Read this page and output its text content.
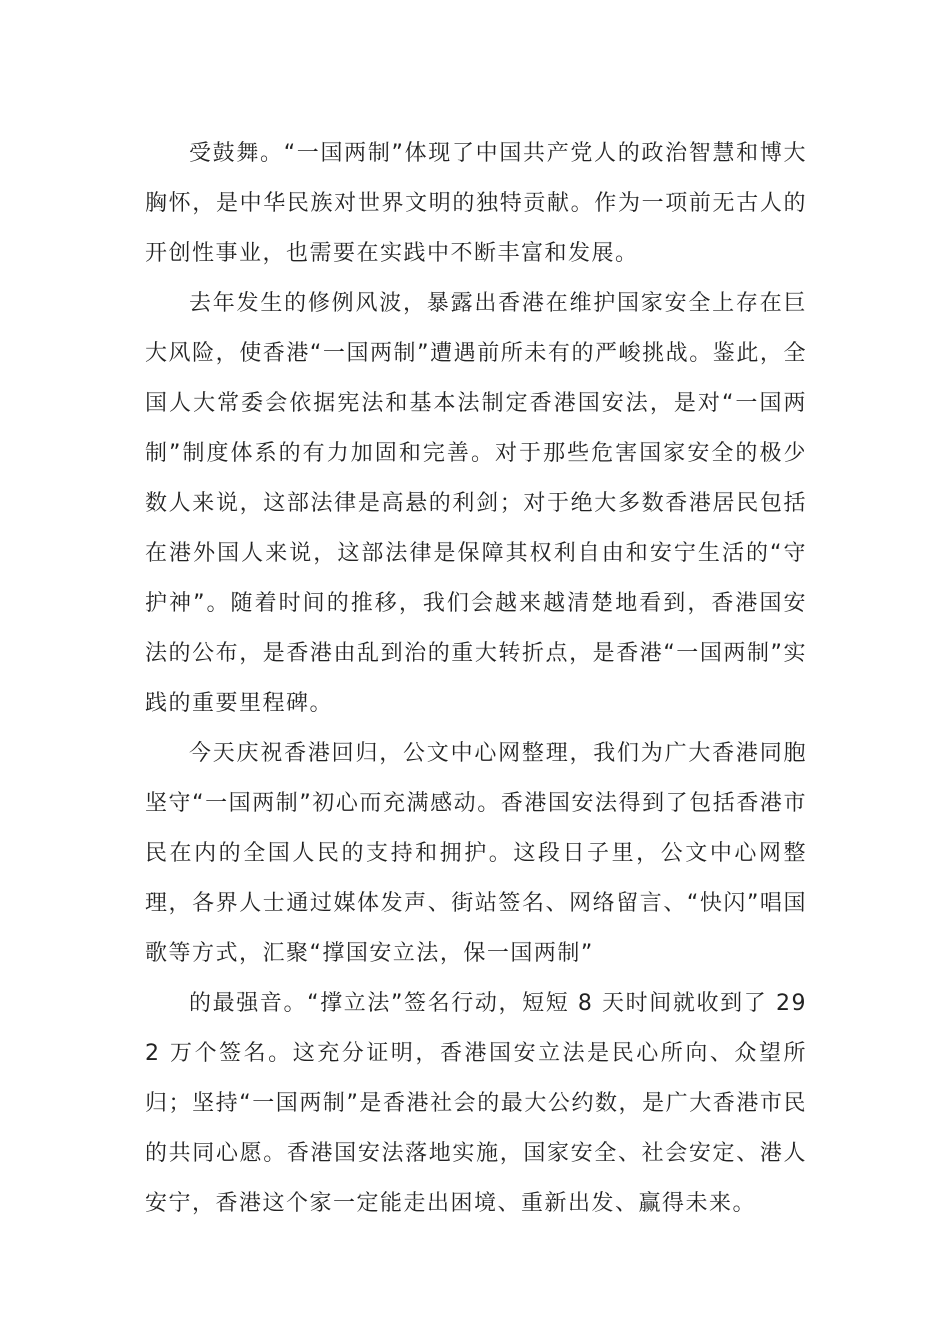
受鼓舞。“一国两制”体现了中国共产党人的政治智慧和博大胸怀，是中华民族对世界文明的独特贡献。作为一项前无古人的开创性事业，也需要在实践中不断丰富和发展。

去年发生的修例风波，暴露出香港在维护国家安全上存在巨大风险，使香港“一国两制”遭遇前所未有的严峻挑战。鉴此，全国人大常委会依据宪法和基本法制定香港国安法，是对“一国两制”制度体系的有力加固和完善。对于那些危害国家安全的极少数人来说，这部法律是高悬的利剑；对于绝大多数香港居民包括在港外国人来说，这部法律是保障其权利自由和安宁生活的“守护神”。随着时间的推移，我们会越来越清楚地看到，香港国安法的公布，是香港由乱到治的重大转折点，是香港“一国两制”实践的重要里程碑。

今天庆祝香港回归，公文中心网整理，我们为广大香港同胞坚守“一国两制”初心而充满感动。香港国安法得到了包括香港市民在内的全国人民的支持和拥护。这段日子里，公文中心网整理，各界人士通过媒体发声、街站签名、网络留言、“快闪”唱国歌等方式，汇聚“撑国安立法，保一国两制”

的最强音。“撑立法”签名行动，短短 8 天时间就收到了 292 万个签名。这充分证明，香港国安立法是民心所向、众望所归；坚持“一国两制”是香港社会的最大公约数，是广大香港市民的共同心愿。香港国安法落地实施，国家安全、社会安定、港人安宁，香港这个家一定能走出困境、重新出发、赢得未来。
